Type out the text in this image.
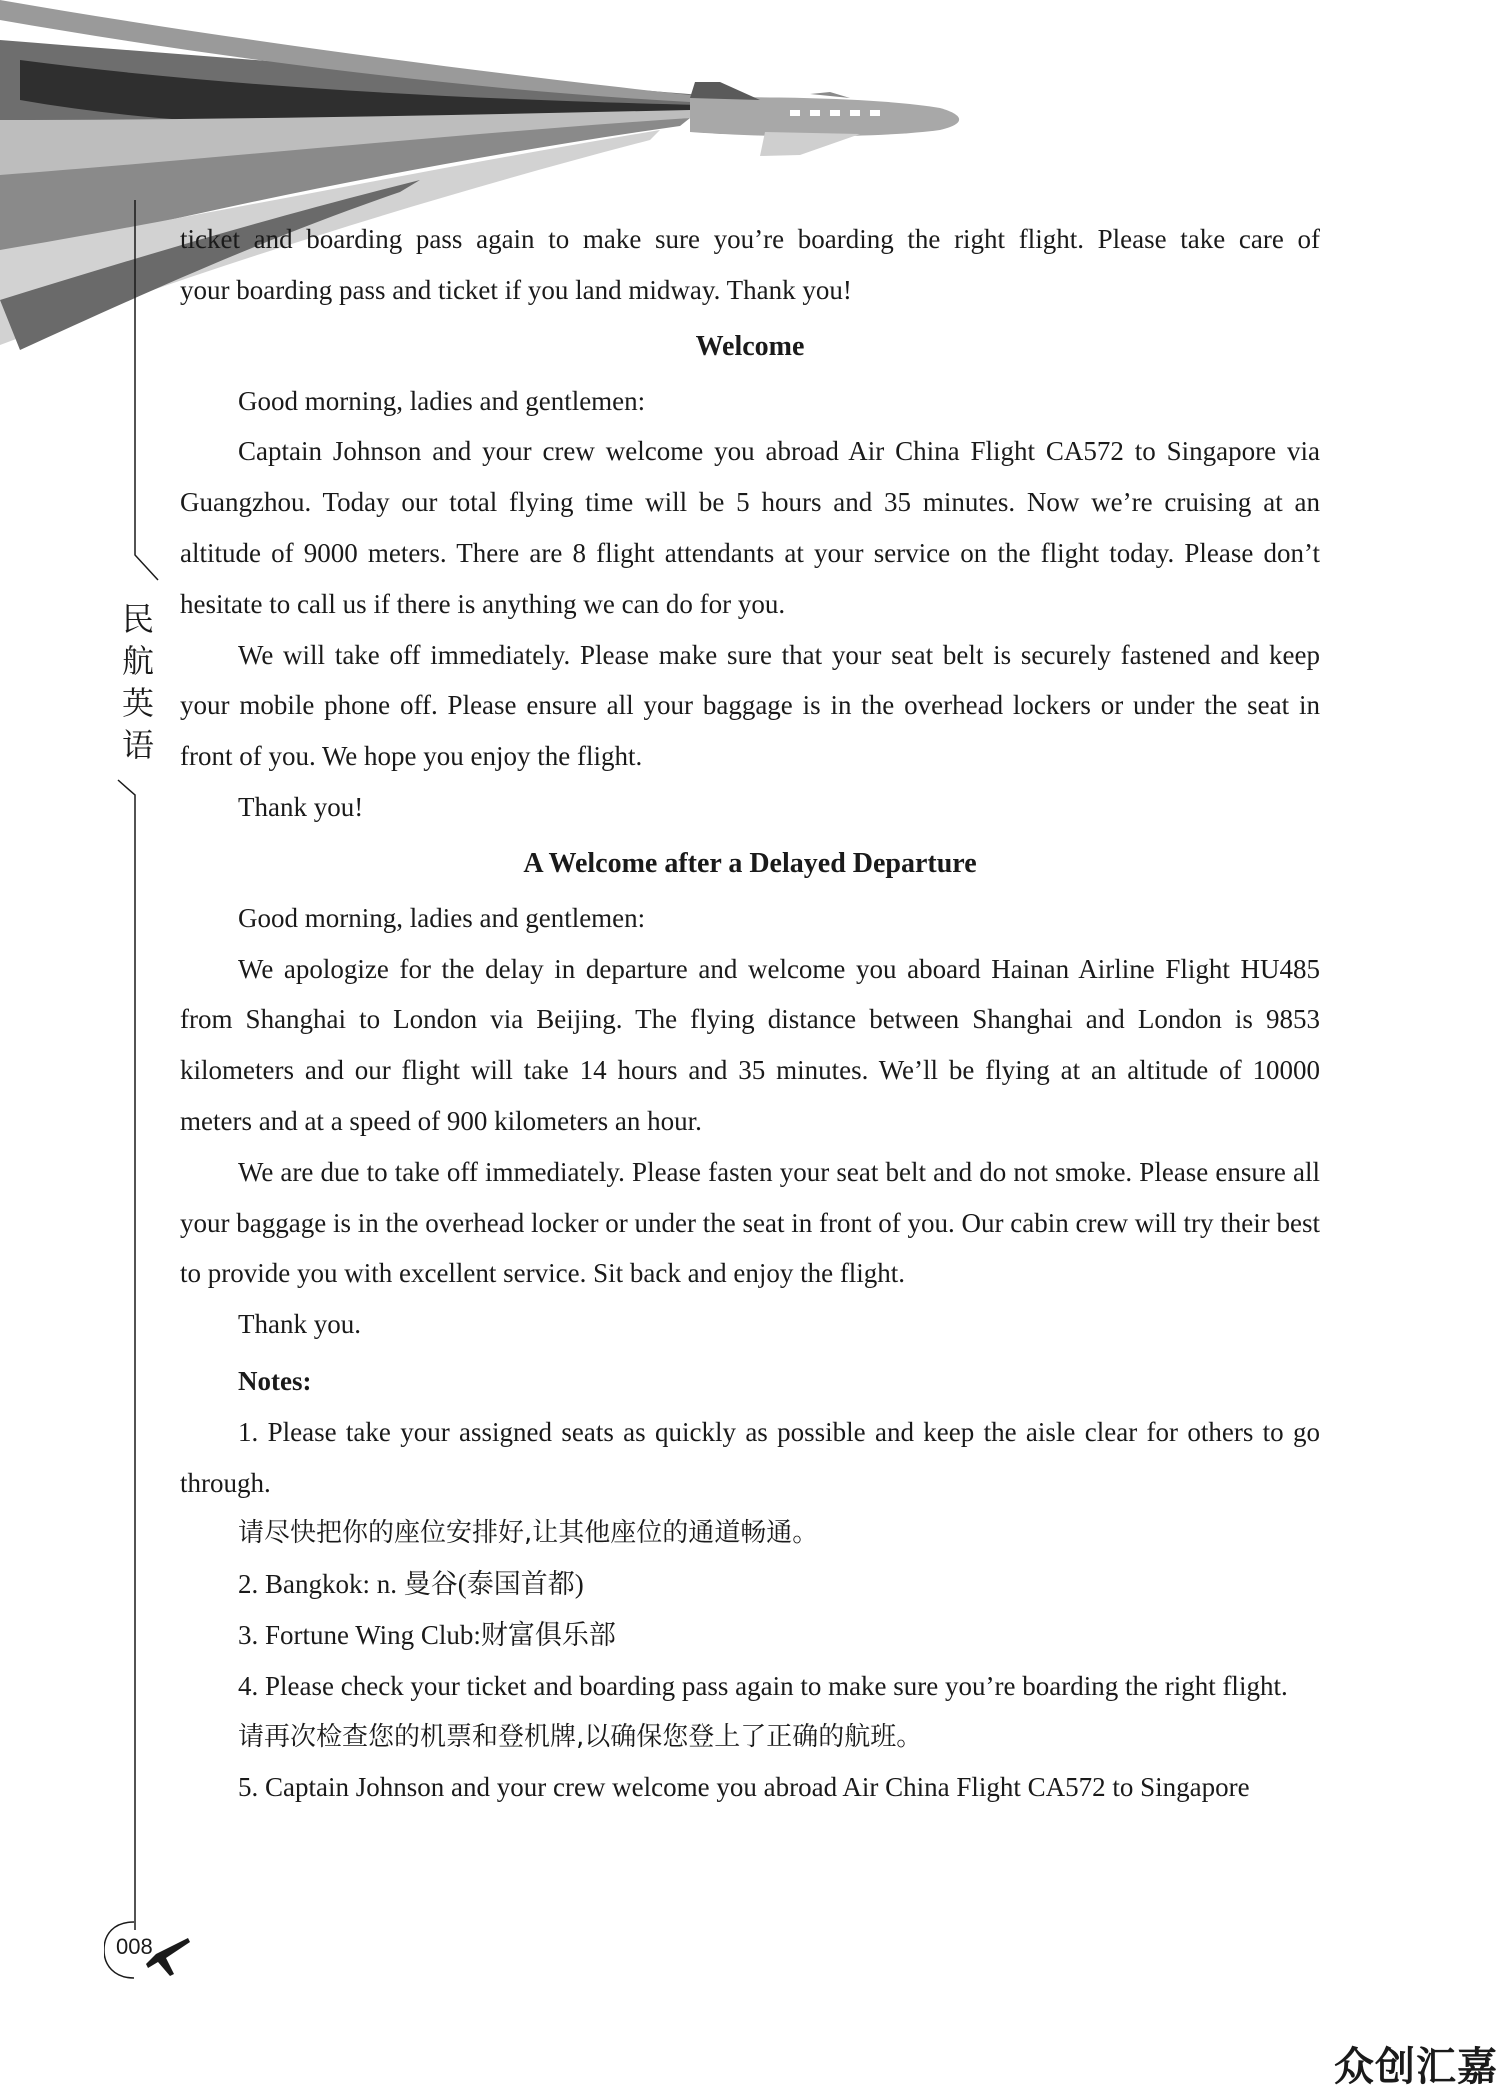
民
航
英
语

ticket and boarding pass again to make sure you’re boarding the right flight. Please take care of

your boarding pass and ticket if you land midway. Thank you!

Welcome

Good morning, ladies and gentlemen:

Captain Johnson and your crew welcome you abroad Air China Flight CA572 to Singapore via Guangzhou. Today our total flying time will be 5 hours and 35 minutes. Now we’re cruising at an altitude of 9000 meters. There are 8 flight attendants at your service on the flight today. Please don’t hesitate to call us if there is anything we can do for you.

We will take off immediately. Please make sure that your seat belt is securely fastened and keep your mobile phone off. Please ensure all your baggage is in the overhead lockers or under the seat in front of you. We hope you enjoy the flight.

Thank you!

A Welcome after a Delayed Departure

Good morning, ladies and gentlemen:

We apologize for the delay in departure and welcome you aboard Hainan Airline Flight HU485 from Shanghai to London via Beijing. The flying distance between Shanghai and London is 9853 kilometers and our flight will take 14 hours and 35 minutes. We’ll be flying at an altitude of 10000 meters and at a speed of 900 kilometers an hour.

We are due to take off immediately. Please fasten your seat belt and do not smoke. Please ensure all your baggage is in the overhead locker or under the seat in front of you. Our cabin crew will try their best to provide you with excellent service. Sit back and enjoy the flight.

Thank you.

Notes:

1. Please take your assigned seats as quickly as possible and keep the aisle clear for others to go through.

请尽快把你的座位安排好,让其他座位的通道畅通。

2. Bangkok: n. 曼谷(泰国首都)

3. Fortune Wing Club:财富俱乐部

4. Please check your ticket and boarding pass again to make sure you’re boarding the right flight.

请再次检查您的机票和登机牌,以确保您登上了正确的航班。

5. Captain Johnson and your crew welcome you abroad Air China Flight CA572 to Singapore

008
众创汇嘉
